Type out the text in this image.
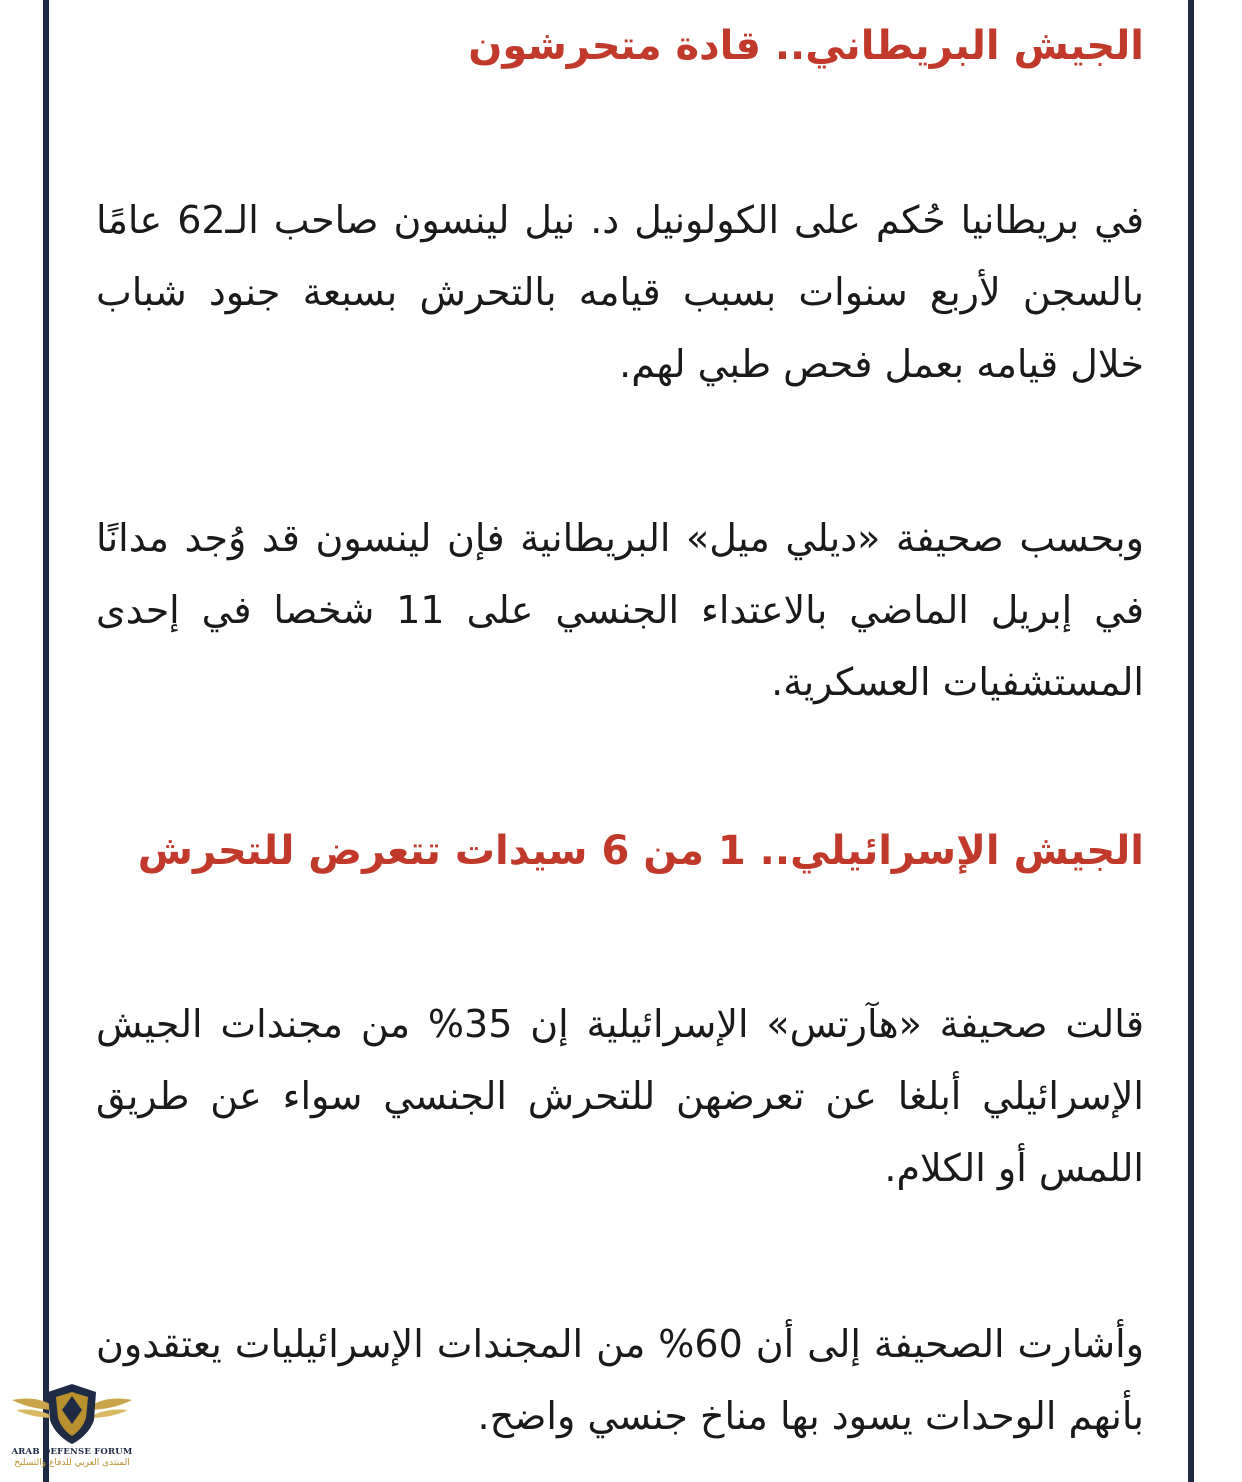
الجيش البريطاني.. قادة متحرشون

في بريطانيا حُكم على الكولونيل د. نيل لينسون صاحب الـ62 عامًا بالسجن لأربع سنوات بسبب قيامه بالتحرش بسبعة جنود شباب خلال قيامه بعمل فحص طبي لهم.

وبحسب صحيفة «ديلي ميل» البريطانية فإن لينسون قد وُجد مدانًا في إبريل الماضي بالاعتداء الجنسي على 11 شخصا في إحدى المستشفيات العسكرية.

الجيش الإسرائيلي.. 1 من 6 سيدات تتعرض للتحرش

قالت صحيفة «هآرتس» الإسرائيلية إن 35% من مجندات الجيش الإسرائيلي أبلغا عن تعرضهن للتحرش الجنسي سواء عن طريق اللمس أو الكلام.

وأشارت الصحيفة إلى أن 60% من المجندات الإسرائيليات يعتقدون بأنهم الوحدات يسود بها مناخ جنسي واضح.

ARAB DEFENSE FORUM
المنتدى العربي للدفاع والتسليح
